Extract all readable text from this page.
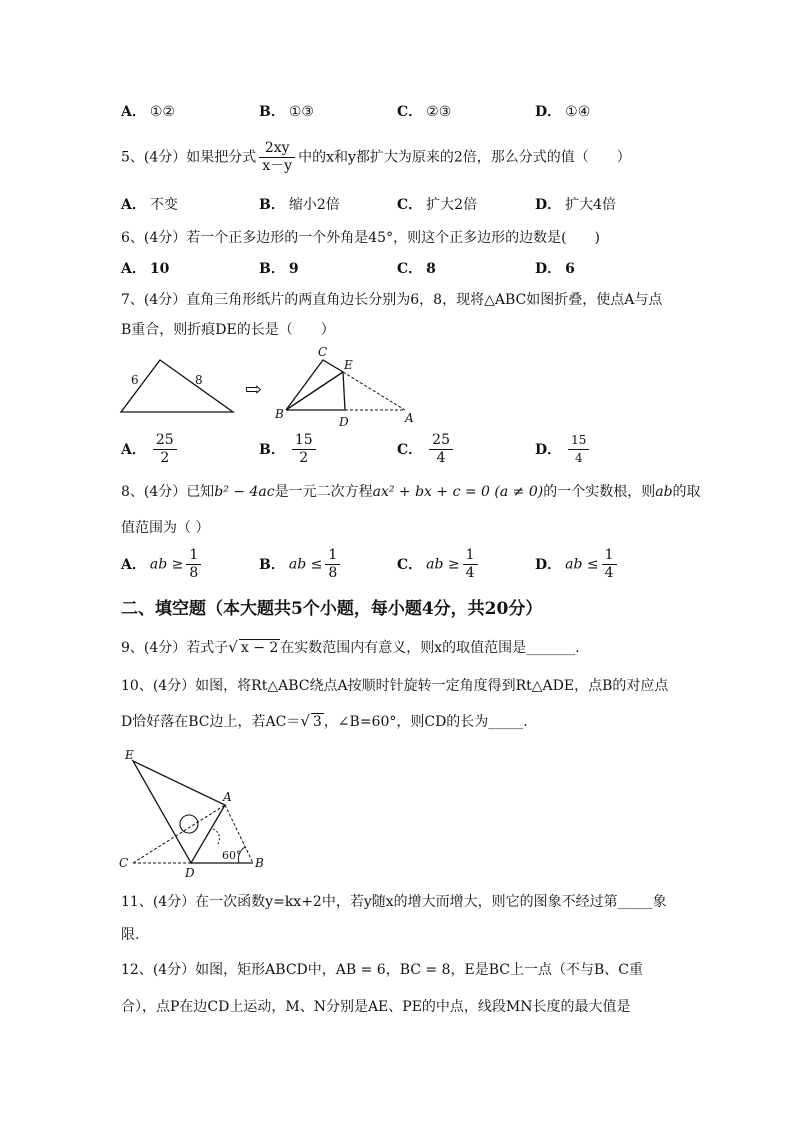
A． ①②	B． ①③	C． ②③	D． ①④
5、(4分）如果把分式 $\frac{2xy}{x-y}$ 中的x和y都扩大为原来的2倍，那么分式的值（　　）
A． 不变	B． 缩小2倍	C． 扩大2倍	D． 扩大4倍
6、(4分）若一个正多边形的一个外角是45°，则这个正多边形的边数是(　　)
A． 10	B． 9	C． 8	D． 6
7、(4分）直角三角形纸片的两直角边长分别为6，8，现将△ABC如图折叠，使点A与点
B重合，则折痕DE的长是（　　）
6	8 ⇨
C
E
B
D	A
A． $\frac{25}{2}$	B． $\frac{15}{2}$	C． $\frac{25}{4}$	D． $\frac{15}{4}$
8、(4分）已知b² − 4ac是一元二次方程ax² + bx + c = 0 (a ≠ 0)的一个实数根，则ab的取
值范围为（ ）
A． ab ≥ $\frac{1}{8}$	B． ab ≤ $\frac{1}{8}$	C． ab ≥ $\frac{1}{4}$	D． ab ≤ $\frac{1}{4}$
二、填空题（本大题共5个小题，每小题4分，共20分）
9、(4分）若式子√ x − 2 在实数范围内有意义，则x的取值范围是_______.
10、(4分）如图，将Rt△ABC绕点A按顺时针旋转一定角度得到Rt△ADE，点B的对应点
D恰好落在BC边上，若AC＝√ 3 ，∠B=60°，则CD的长为_____.
E
A
C
D
B
60°
11、(4分）在一次函数y=kx+2中，若y随x的增大而增大，则它的图象不经过第_____象
限.
12、(4分）如图，矩形ABCD中，AB = 6，BC = 8，E是BC上一点（不与B、C重
合），点P在边CD上运动，M、N分别是AE、PE的中点，线段MN长度的最大值是
